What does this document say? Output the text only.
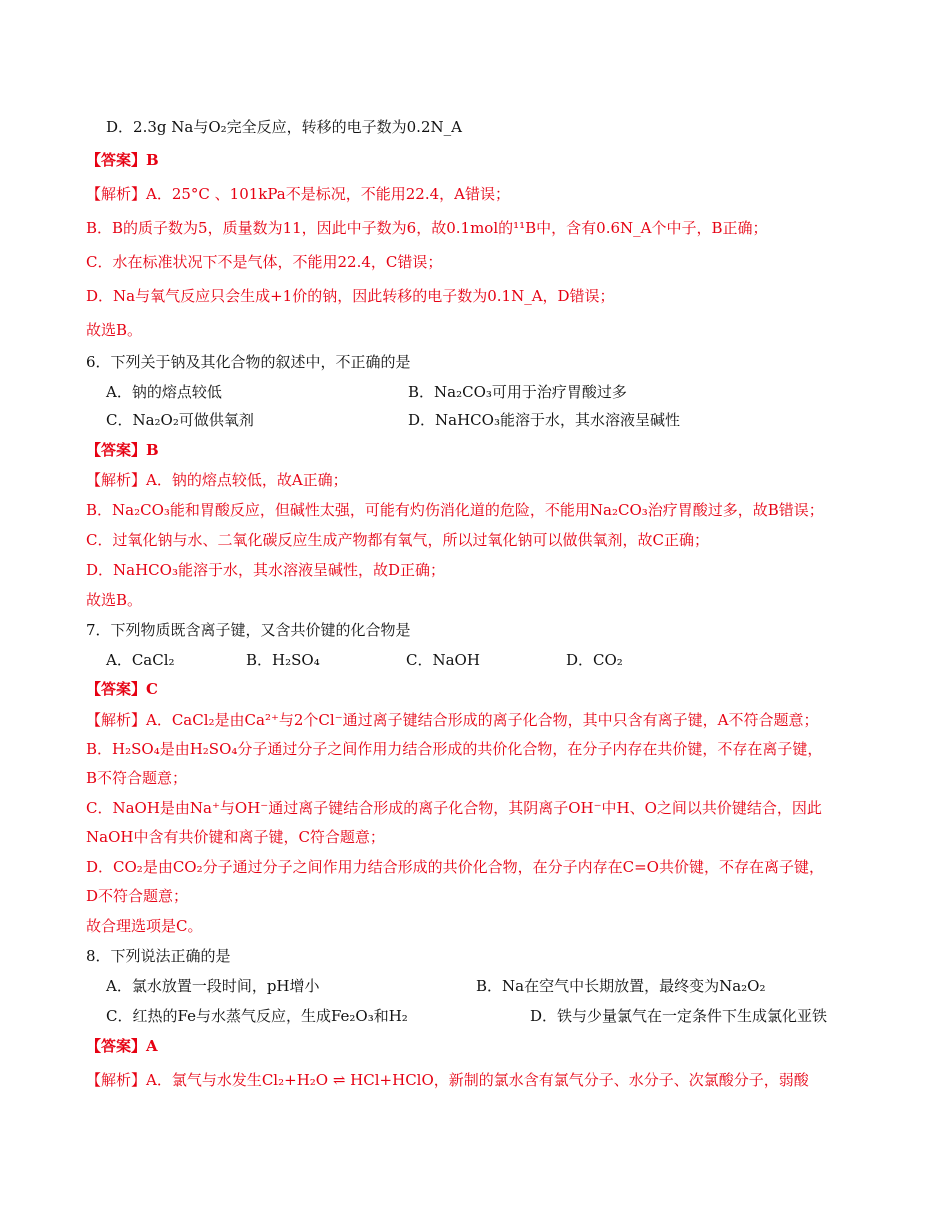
D．2.3g Na与O₂完全反应，转移的电子数为0.2N_A
【答案】B
【解析】A．25°C 、101kPa不是标况，不能用22.4，A错误；
B．B的质子数为5，质量数为11，因此中子数为6，故0.1mol的¹¹B中，含有0.6N_A个中子，B正确；
C．水在标准状况下不是气体，不能用22.4，C错误；
D．Na与氧气反应只会生成+1价的钠，因此转移的电子数为0.1N_A，D错误；
故选B。
6．下列关于钠及其化合物的叙述中，不正确的是
A．钠的熔点较低	B．Na₂CO₃可用于治疗胃酸过多
C．Na₂O₂可做供氧剂	D．NaHCO₃能溶于水，其水溶液呈碱性
【答案】B
【解析】A．钠的熔点较低，故A正确；
B．Na₂CO₃能和胃酸反应，但碱性太强，可能有灼伤消化道的危险，不能用Na₂CO₃治疗胃酸过多，故B错误；
C．过氧化钠与水、二氧化碳反应生成产物都有氧气，所以过氧化钠可以做供氧剂，故C正确；
D．NaHCO₃能溶于水，其水溶液呈碱性，故D正确；
故选B。
7．下列物质既含离子键，又含共价键的化合物是
A．CaCl₂	B．H₂SO₄	C．NaOH	D．CO₂
【答案】C
【解析】A．CaCl₂是由Ca²⁺与2个Cl⁻通过离子键结合形成的离子化合物，其中只含有离子键，A不符合题意；
B．H₂SO₄是由H₂SO₄分子通过分子之间作用力结合形成的共价化合物，在分子内存在共价键，不存在离子键，
B不符合题意；
C．NaOH是由Na⁺与OH⁻通过离子键结合形成的离子化合物，其阴离子OH⁻中H、O之间以共价键结合，因此
NaOH中含有共价键和离子键，C符合题意；
D．CO₂是由CO₂分子通过分子之间作用力结合形成的共价化合物，在分子内存在C=O共价键，不存在离子键，
D不符合题意；
故合理选项是C。
8．下列说法正确的是
A．氯水放置一段时间，pH增小	B．Na在空气中长期放置，最终变为Na₂O₂
C．红热的Fe与水蒸气反应，生成Fe₂O₃和H₂	D．铁与少量氯气在一定条件下生成氯化亚铁
【答案】A
【解析】A．氯气与水发生Cl₂+H₂O ⇌ HCl+HClO，新制的氯水含有氯气分子、水分子、次氯酸分子，弱酸
